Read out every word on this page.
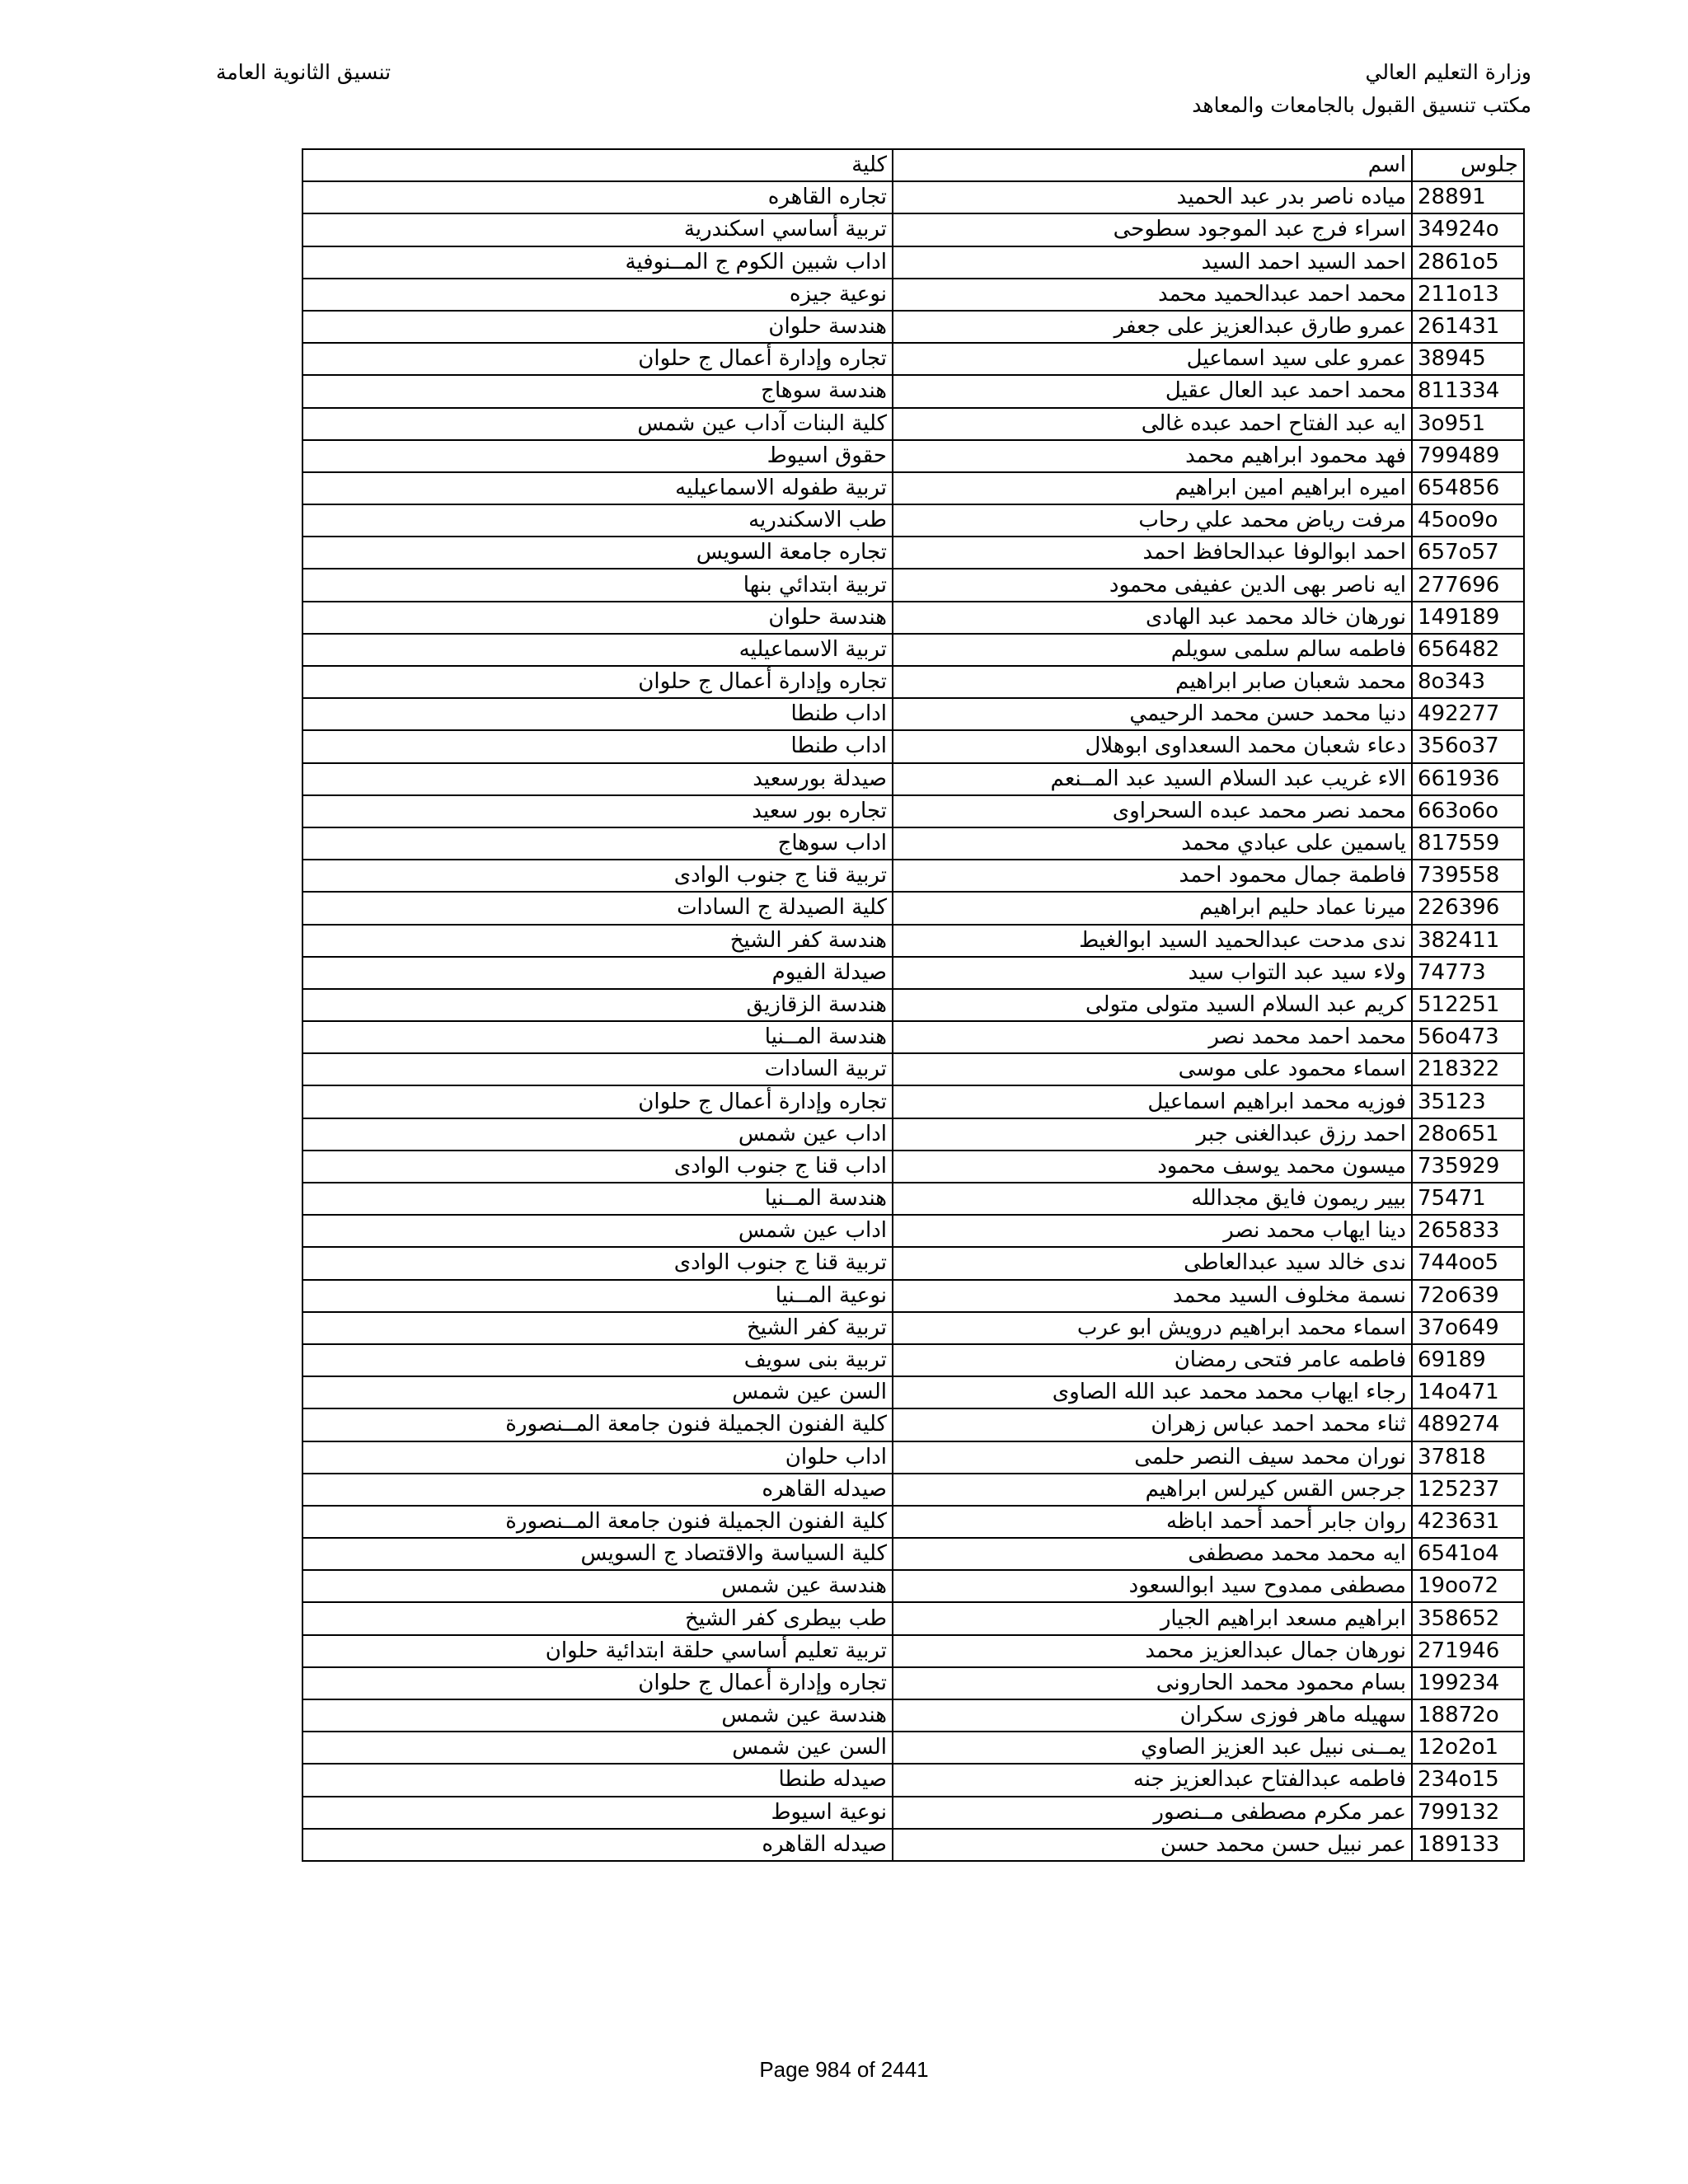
وزارة التعليم العالي
مكتب تنسيق القبول بالجامعات والمعاهد
تنسيق الثانوية العامة
جلوس	اسم	كلية
28891	مياده ناصر بدر عبد الحميد	تجاره القاهره
34924o	اسراء فرج عبد الموجود سطوحى	تربية أساسي اسكندرية
2861o5	احمد السيد احمد السيد	اداب شبين الكوم ج المــنوفية
211o13	محمد احمد عبدالحميد محمد	نوعية جيزه
261431	عمرو طارق عبدالعزيز على جعفر	هندسة حلوان
38945	عمرو على سيد اسماعيل	تجاره وإدارة أعمال ج حلوان
811334	محمد احمد عبد العال عقيل	هندسة سوهاج
3o951	ايه عبد الفتاح احمد عبده غالى	كلية البنات آداب عين شمس
799489	فهد محمود ابراهيم محمد	حقوق اسيوط
654856	اميره ابراهيم امين ابراهيم	تربية طفوله الاسماعيليه
45oo9o	مرفت رياض محمد علي رحاب	طب الاسكندريه
657o57	احمد ابوالوفا عبدالحافظ احمد	تجاره جامعة السويس
277696	ايه ناصر بهى الدين عفيفى محمود	تربية ابتدائي بنها
149189	نورهان خالد محمد عبد الهادى	هندسة حلوان
656482	فاطمه سالم سلمى سويلم	تربية الاسماعيليه
8o343	محمد شعبان صابر ابراهيم	تجاره وإدارة أعمال ج حلوان
492277	دنيا محمد حسن محمد الرحيمي	اداب طنطا
356o37	دعاء شعبان محمد السعداوى ابوهلال	اداب طنطا
661936	الاء غريب عبد السلام السيد عبد المــنعم	صيدلة بورسعيد
663o6o	محمد نصر محمد عبده السحراوى	تجاره بور سعيد
817559	ياسمين على عبادي محمد	اداب سوهاج
739558	فاطمة جمال محمود احمد	تربية قنا ج جنوب الوادى
226396	ميرنا عماد حليم ابراهيم	كلية الصيدلة ج السادات
382411	ندى مدحت عبدالحميد السيد ابوالغيط	هندسة كفر الشيخ
74773	ولاء سيد عبد التواب سيد	صيدلة الفيوم
512251	كريم عبد السلام السيد متولى متولى	هندسة الزقازيق
56o473	محمد احمد محمد نصر	هندسة المــنيا
218322	اسماء محمود على موسى	تربية السادات
35123	فوزيه محمد ابراهيم اسماعيل	تجاره وإدارة أعمال ج حلوان
28o651	احمد رزق عبدالغنى جبر	اداب عين شمس
735929	ميسون محمد يوسف محمود	اداب قنا ج جنوب الوادى
75471	بيير ريمون فايق مجدالله	هندسة المــنيا
265833	دينا ايهاب محمد نصر	اداب عين شمس
744oo5	ندى خالد سيد عبدالعاطى	تربية قنا ج جنوب الوادى
72o639	نسمة مخلوف السيد محمد	نوعية المــنيا
37o649	اسماء محمد ابراهيم درويش ابو عرب	تربية كفر الشيخ
69189	فاطمه عامر فتحى رمضان	تربية بنى سويف
14o471	رجاء ايهاب محمد محمد عبد الله الصاوى	السن عين شمس
489274	ثناء محمد احمد عباس زهران	كلية الفنون الجميلة فنون جامعة المــنصورة
37818	نوران محمد سيف النصر حلمى	اداب حلوان
125237	جرجس القس كيرلس ابراهيم	صيدله القاهره
423631	روان جابر أحمد أحمد اباظه	كلية الفنون الجميلة فنون جامعة المــنصورة
6541o4	ايه محمد محمد مصطفى	كلية السياسة والاقتصاد ج السويس
19oo72	مصطفى ممدوح سيد ابوالسعود	هندسة عين شمس
358652	ابراهيم مسعد ابراهيم الجيار	طب بيطرى كفر الشيخ
271946	نورهان جمال عبدالعزيز محمد	تربية تعليم أساسي حلقة ابتدائية حلوان
199234	بسام محمود محمد الحارونى	تجاره وإدارة أعمال ج حلوان
18872o	سهيله ماهر فوزى سكران	هندسة عين شمس
12o2o1	يمــنى نبيل عبد العزيز الصاوي	السن عين شمس
234o15	فاطمه عبدالفتاح عبدالعزيز جنه	صيدله طنطا
799132	عمر مكرم مصطفى مــنصور	نوعية اسيوط
189133	عمر نبيل حسن محمد حسن	صيدله القاهره
Page 984 of 2441
